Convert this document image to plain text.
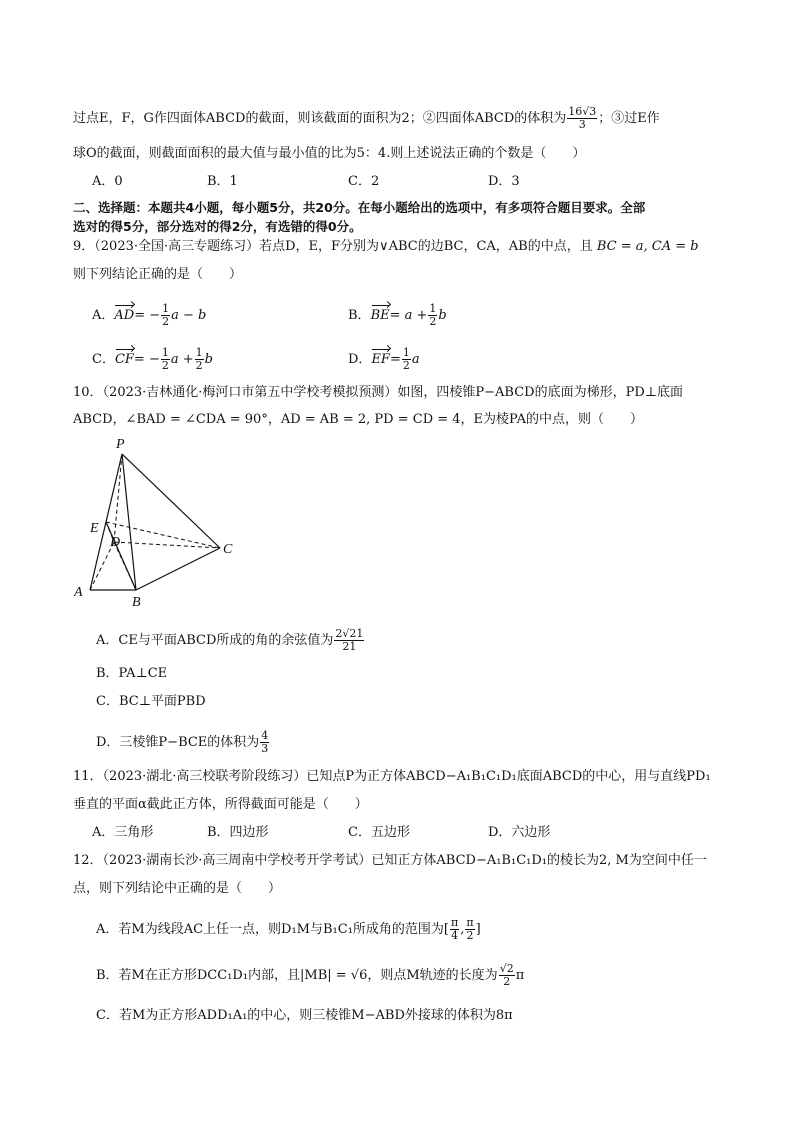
过点E，F，G作四面体ABCD的截面，则该截面的面积为2；②四面体ABCD的体积为 $\frac{16√3}{3}$ ；③过E作
球O的截面，则截面面积的最大值与最小值的比为5：4.则上述说法正确的个数是（　　）
A．0	B．1	C．2	D．3
二、选择题：本题共4小题，每小题5分，共20分。在每小题给出的选项中，有多项符合题目要求。全部
选对的得5分，部分选对的得2分，有选错的得0分。
9．（2023·全国·高三专题练习）若点D，E，F分别为∨ABC的边BC，CA，AB的中点，且 BC = a, CA = b
则下列结论正确的是（　　）
A．$AD= - \frac{1}{2}$ a − b	B．$BE= a + \frac{1}{2}$ b
C．$CF= - \frac{1}{2}$ $a + \frac{1}{2}$ b	D．$EF= \frac{1}{2}$ a
10．（2023·吉林通化·梅河口市第五中学校考模拟预测）如图，四棱锥P−ABCD的底面为梯形，PD⊥底面
ABCD，∠BAD = ∠CDA = 90°，AD = AB = 2, PD = CD = 4，E为棱PA的中点，则（　　）
P
E
D	C
A
B
A．CE与平面ABCD所成的角的余弦值为 $\frac{2√21}{21}$
B．PA⊥CE
C．BC⊥平面PBD
D．三棱锥P−BCE的体积为 $\frac{4}{3}$
11．（2023·湖北·高三校联考阶段练习）已知点P为正方体ABCD−A₁B₁C₁D₁底面ABCD的中心，用与直线PD₁
垂直的平面α截此正方体，所得截面可能是（　　）
A．三角形	B．四边形	C．五边形	D．六边形
12．（2023·湖南长沙·高三周南中学校考开学考试）已知正方体ABCD−A₁B₁C₁D₁的棱长为2, M为空间中任一
点，则下列结论中正确的是（　　）
A．若M为线段AC上任一点，则D₁M与B₁C₁所成角的范围为[ $\frac{\pi}{4}$ , $\frac{\pi}{2}$ ]
B．若M在正方形DCC₁D₁内部，且|MB| = √6，则点M轨迹的长度为 $\frac{√2}{2}$ π
C．若M为正方形ADD₁A₁的中心，则三棱锥M−ABD外接球的体积为8π
